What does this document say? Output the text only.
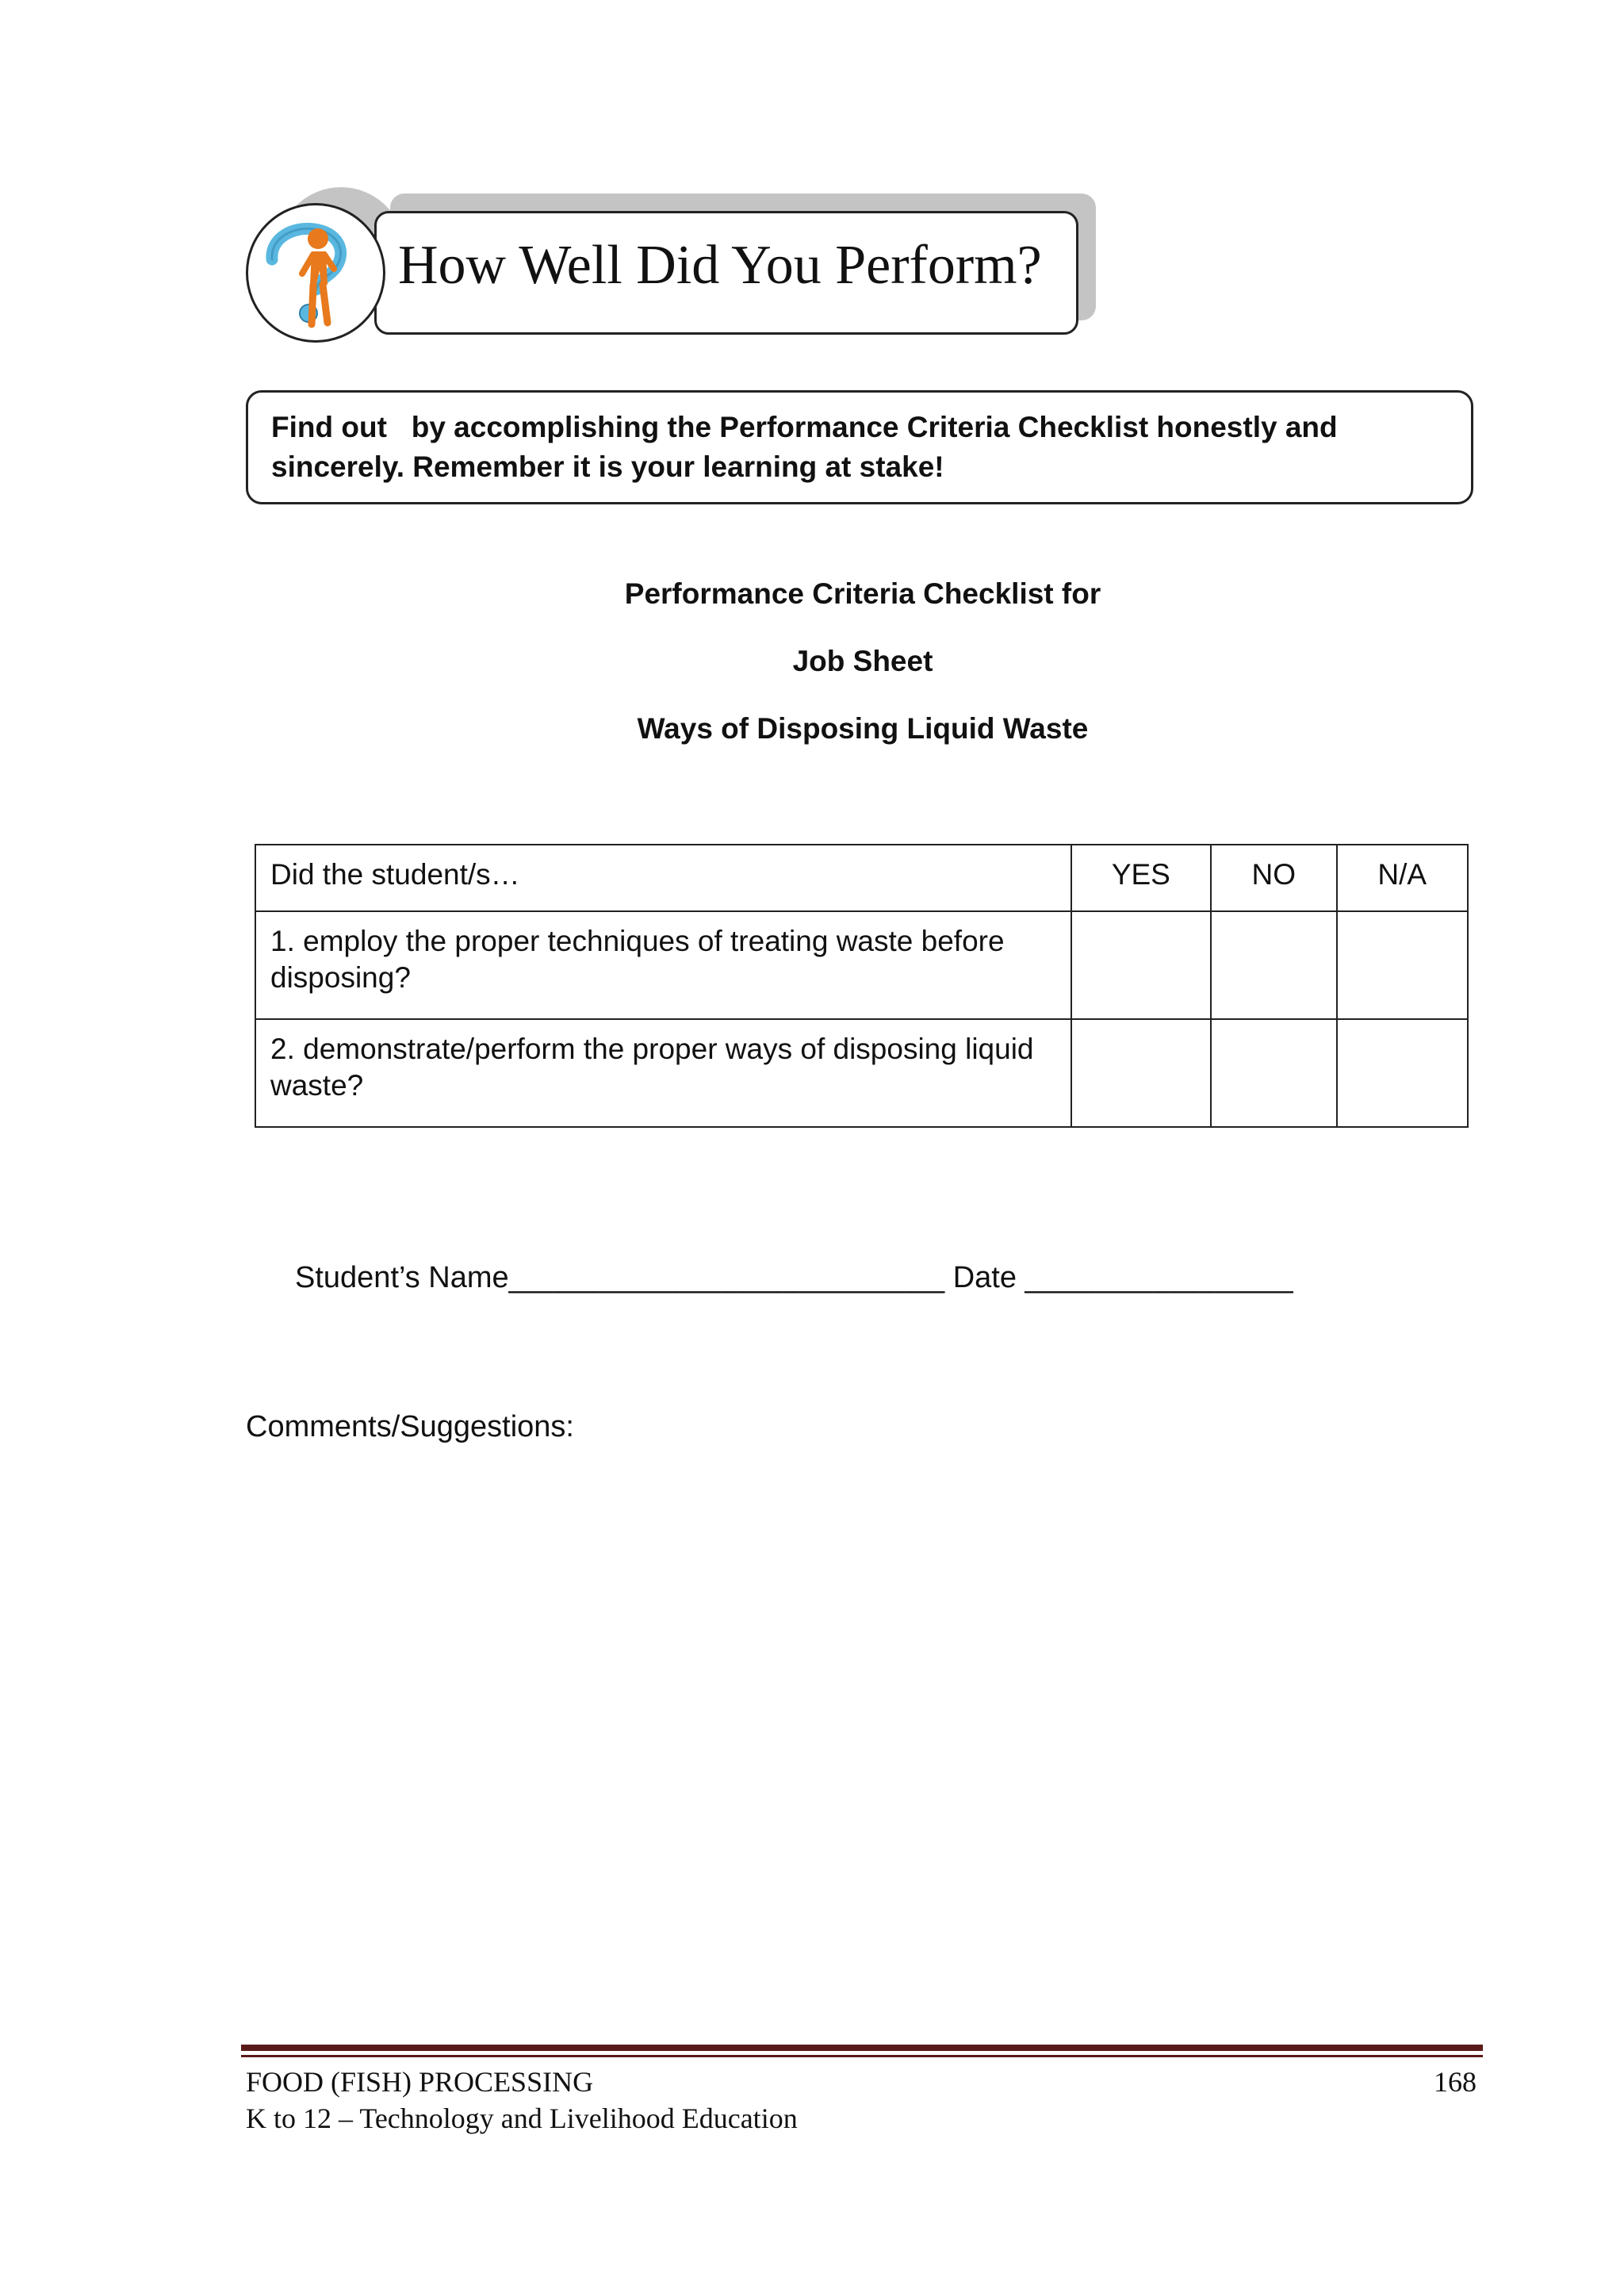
How Well Did You Perform?
Find out   by accomplishing the Performance Criteria Checklist honestly and
sincerely. Remember it is your learning at stake!
Performance Criteria Checklist for
Job Sheet
Ways of Disposing Liquid Waste
Did the student/s…	YES	NO	N/A
1. employ the proper techniques of treating waste before disposing?			
2. demonstrate/perform the proper ways of disposing liquid waste?			
Student’s Name__________________________ Date ________________
Comments/Suggestions:
FOOD (FISH) PROCESSING
K to 12 – Technology and Livelihood Education
168
